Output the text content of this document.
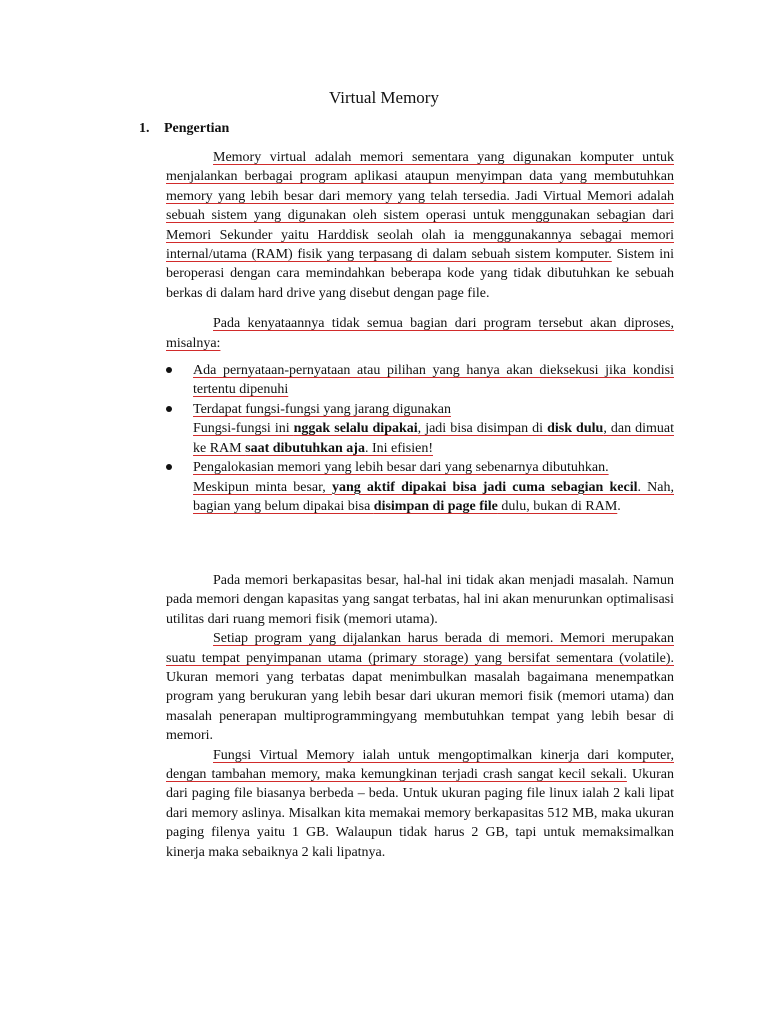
Virtual Memory
1. Pengertian

Memory virtual adalah memori sementara yang digunakan komputer untuk menjalankan berbagai program aplikasi ataupun menyimpan data yang membutuhkan memory yang lebih besar dari memory yang telah tersedia. Jadi Virtual Memori adalah sebuah sistem yang digunakan oleh sistem operasi untuk menggunakan sebagian dari Memori Sekunder yaitu Harddisk seolah olah ia menggunakannya sebagai memori internal/utama (RAM) fisik yang terpasang di dalam sebuah sistem komputer. Sistem ini beroperasi dengan cara memindahkan beberapa kode yang tidak dibutuhkan ke sebuah berkas di dalam hard drive yang disebut dengan page file.

Pada kenyataannya tidak semua bagian dari program tersebut akan diproses, misalnya:

Ada pernyataan-pernyataan atau pilihan yang hanya akan dieksekusi jika kondisi tertentu dipenuhi
Terdapat fungsi-fungsi yang jarang digunakan
Fungsi-fungsi ini nggak selalu dipakai, jadi bisa disimpan di disk dulu, dan dimuat ke RAM saat dibutuhkan aja. Ini efisien!
Pengalokasian memori yang lebih besar dari yang sebenarnya dibutuhkan.
Meskipun minta besar, yang aktif dipakai bisa jadi cuma sebagian kecil. Nah, bagian yang belum dipakai bisa disimpan di page file dulu, bukan di RAM.

Pada memori berkapasitas besar, hal-hal ini tidak akan menjadi masalah. Namun pada memori dengan kapasitas yang sangat terbatas, hal ini akan menurunkan optimalisasi utilitas dari ruang memori fisik (memori utama).

Setiap program yang dijalankan harus berada di memori. Memori merupakan suatu tempat penyimpanan utama (primary storage) yang bersifat sementara (volatile). Ukuran memori yang terbatas dapat menimbulkan masalah bagaimana menempatkan program yang berukuran yang lebih besar dari ukuran memori fisik (memori utama) dan masalah penerapan multiprogrammingyang membutuhkan tempat yang lebih besar di memori.

Fungsi Virtual Memory ialah untuk mengoptimalkan kinerja dari komputer, dengan tambahan memory, maka kemungkinan terjadi crash sangat kecil sekali. Ukuran dari paging file biasanya berbeda – beda. Untuk ukuran paging file linux ialah 2 kali lipat dari memory aslinya. Misalkan kita memakai memory berkapasitas 512 MB, maka ukuran paging filenya yaitu 1 GB. Walaupun tidak harus 2 GB, tapi untuk memaksimalkan kinerja maka sebaiknya 2 kali lipatnya.
